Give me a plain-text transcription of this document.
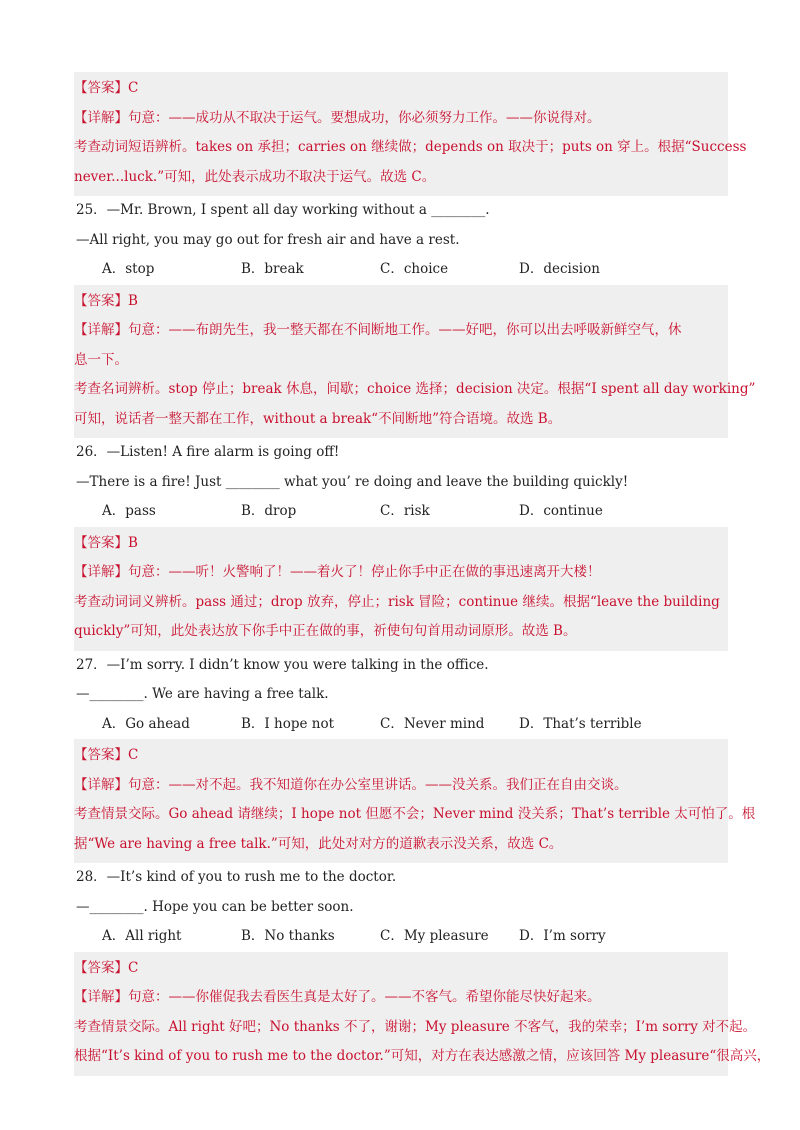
【答案】C
【详解】句意：——成功从不取决于运气。要想成功，你必须努力工作。——你说得对。
考查动词短语辨析。takes on 承担；carries on 继续做；depends on 取决于；puts on 穿上。根据“Success
never...luck.”可知，此处表示成功不取决于运气。故选 C。
25．—Mr. Brown, I spent all day working without a ________.
—All right, you may go out for fresh air and have a rest.
A．stop	B．break	C．choice	D．decision
【答案】B
【详解】句意：——布朗先生，我一整天都在不间断地工作。——好吧，你可以出去呼吸新鲜空气，休
息一下。
考查名词辨析。stop 停止；break 休息，间歇；choice 选择；decision 决定。根据“I spent all day working”
可知，说话者一整天都在工作，without a break“不间断地”符合语境。故选 B。
26．—Listen! A fire alarm is going off!
—There is a fire! Just ________ what you’ re doing and leave the building quickly!
A．pass	B．drop	C．risk	D．continue
【答案】B
【详解】句意：——听！火警响了！——着火了！停止你手中正在做的事迅速离开大楼！
考查动词词义辨析。pass 通过；drop 放弃，停止；risk 冒险；continue 继续。根据“leave the building
quickly”可知，此处表达放下你手中正在做的事，祈使句句首用动词原形。故选 B。
27．—I’m sorry. I didn’t know you were talking in the office.
—________. We are having a free talk.
A．Go ahead	B．I hope not	C．Never mind	D．That’s terrible
【答案】C
【详解】句意：——对不起。我不知道你在办公室里讲话。——没关系。我们正在自由交谈。
考查情景交际。Go ahead 请继续；I hope not 但愿不会；Never mind 没关系；That’s terrible 太可怕了。根
据“We are having a free talk.”可知，此处对对方的道歉表示没关系，故选 C。
28．—It’s kind of you to rush me to the doctor.
—________. Hope you can be better soon.
A．All right	B．No thanks	C．My pleasure	D．I’m sorry
【答案】C
【详解】句意：——你催促我去看医生真是太好了。——不客气。希望你能尽快好起来。
考查情景交际。All right 好吧；No thanks 不了，谢谢；My pleasure 不客气，我的荣幸；I’m sorry 对不起。
根据“It’s kind of you to rush me to the doctor.”可知，对方在表达感激之情，应该回答 My pleasure“很高兴，
